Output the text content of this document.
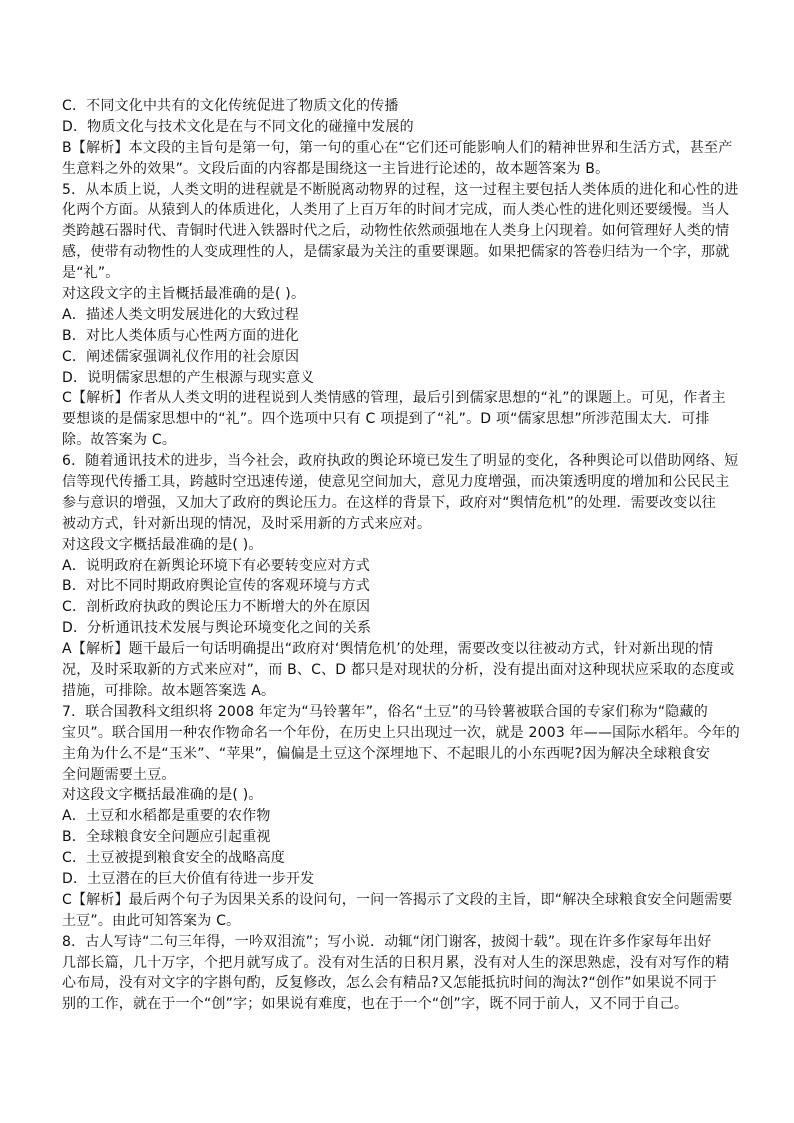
C．不同文化中共有的文化传统促进了物质文化的传播
D．物质文化与技术文化是在与不同文化的碰撞中发展的
B【解析】本文段的主旨句是第一句，第一句的重心在“它们还可能影响人们的精神世界和生活方式，甚至产
生意料之外的效果”。文段后面的内容都是围绕这一主旨进行论述的，故本题答案为 B。
5．从本质上说，人类文明的进程就是不断脱离动物界的过程，这一过程主要包括人类体质的进化和心性的进
化两个方面。从猿到人的体质进化，人类用了上百万年的时间才完成，而人类心性的进化则还要缓慢。当人
类跨越石器时代、青铜时代进入铁器时代之后，动物性依然顽强地在人类身上闪现着。如何管理好人类的情
感，使带有动物性的人变成理性的人，是儒家最为关注的重要课题。如果把儒家的答卷归结为一个字，那就
是“礼”。
对这段文字的主旨概括最准确的是( )。
A．描述人类文明发展进化的大致过程
B．对比人类体质与心性两方面的进化
C．阐述儒家强调礼仪作用的社会原因
D．说明儒家思想的产生根源与现实意义
C【解析】作者从人类文明的进程说到人类情感的管理，最后引到儒家思想的“礼”的课题上。可见，作者主
要想谈的是儒家思想中的“礼”。四个选项中只有 C 项提到了“礼”。D 项“儒家思想”所涉范围太大．可排
除。故答案为 C。
6．随着通讯技术的进步，当今社会，政府执政的舆论环境已发生了明显的变化，各种舆论可以借助网络、短
信等现代传播工具，跨越时空迅速传递，使意见空间加大，意见力度增强，而决策透明度的增加和公民民主
参与意识的增强，又加大了政府的舆论压力。在这样的背景下，政府对“舆情危机”的处理．需要改变以往
被动方式，针对新出现的情况，及时采用新的方式来应对。
对这段文字概括最准确的是( )。
A．说明政府在新舆论环境下有必要转变应对方式
B．对比不同时期政府舆论宣传的客观环境与方式
C．剖析政府执政的舆论压力不断增大的外在原因
D．分析通讯技术发展与舆论环境变化之间的关系
A【解析】题干最后一句话明确提出“政府对‘舆情危机’的处理，需要改变以往被动方式，针对新出现的情
况，及时采取新的方式来应对”，而 B、C、D 都只是对现状的分析，没有提出面对这种现状应采取的态度或
措施，可排除。故本题答案选 A。
7．联合国教科文组织将 2008 年定为“马铃薯年”，俗名“土豆”的马铃薯被联合国的专家们称为“隐藏的
宝贝”。联合国用一种农作物命名一个年份，在历史上只出现过一次，就是 2003 年——国际水稻年。今年的
主角为什么不是“玉米”、“苹果”，偏偏是土豆这个深埋地下、不起眼儿的小东西呢?因为解决全球粮食安
全问题需要土豆。
对这段文字概括最准确的是( )。
A．土豆和水稻都是重要的农作物
B．全球粮食安全问题应引起重视
C．土豆被提到粮食安全的战略高度
D．土豆潜在的巨大价值有待进一步开发
C【解析】最后两个句子为因果关系的设问句，一问一答揭示了文段的主旨，即“解决全球粮食安全问题需要
土豆”。由此可知答案为 C。
8．古人写诗“二句三年得，一吟双泪流”；写小说．动辄“闭门谢客，披阅十载”。现在许多作家每年出好
几部长篇，几十万字，个把月就写成了。没有对生活的日积月累，没有对人生的深思熟虑，没有对写作的精
心布局，没有对文字的字斟句酌，反复修改，怎么会有精品?又怎能抵抗时间的淘汰?“创作”如果说不同于
别的工作，就在于一个“创”字；如果说有难度，也在于一个“创”字，既不同于前人，又不同于自己。
